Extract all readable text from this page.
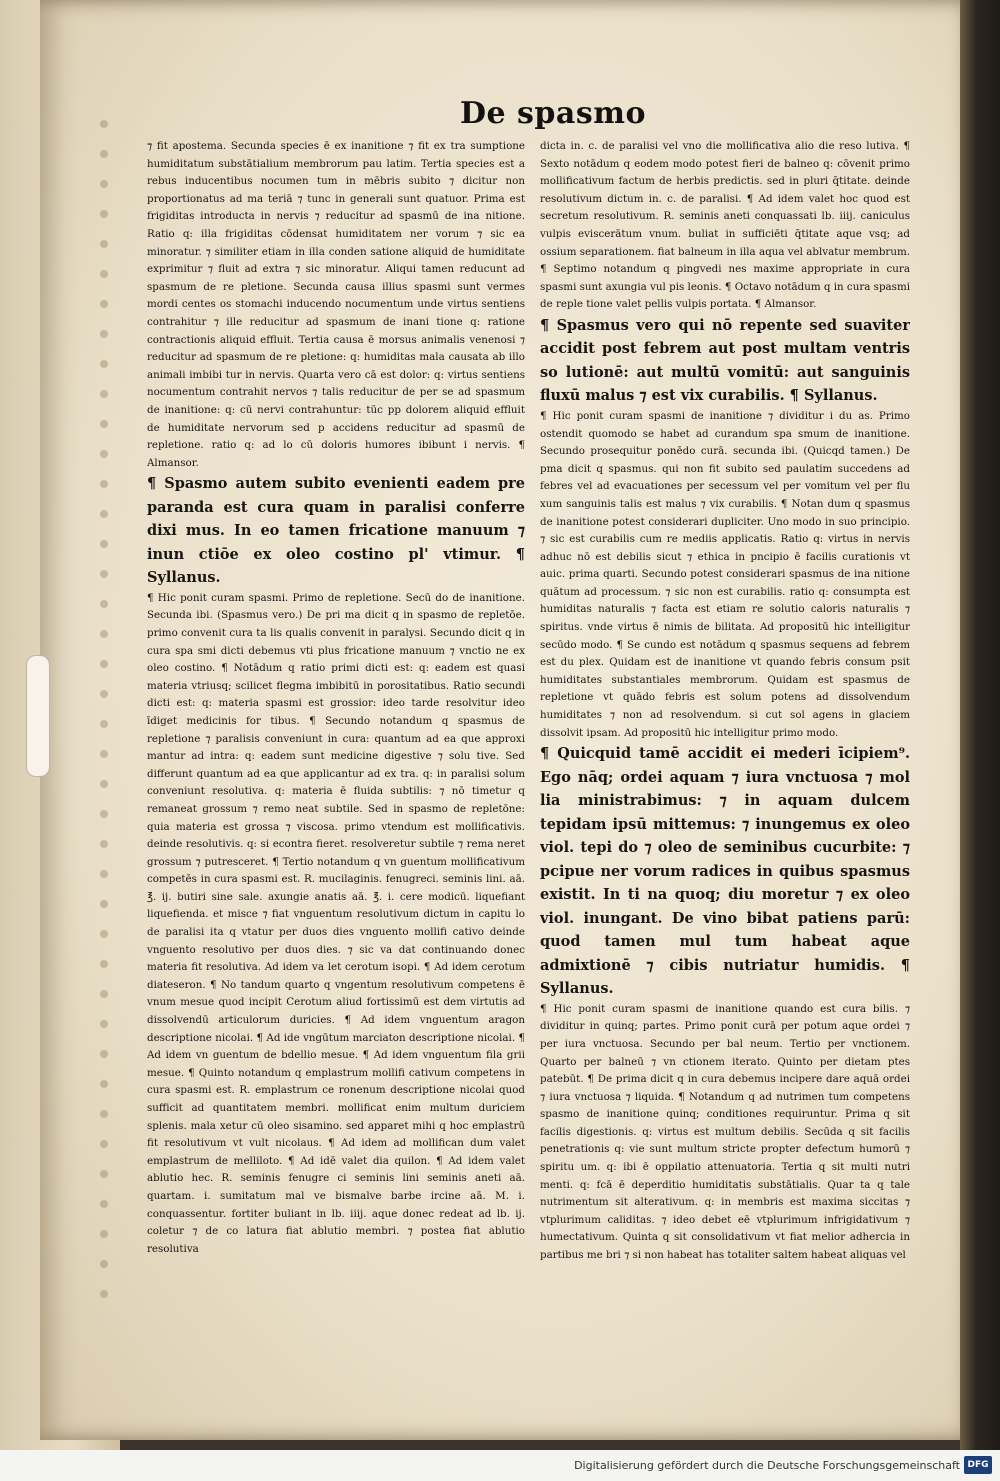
De spasmo

⁊ fit apostema. Secunda species ē ex inanitione ⁊ fit ex tra sumptione humiditatum substātialium membrorum pau latim. Tertia species est a rebus inducentibus nocumen tum in mēbris subito ⁊ dicitur non proportionatus ad ma teriā ⁊ tunc in generali sunt quatuor. Prima est frigiditas introducta in nervis ⁊ reducitur ad spasmū de ina nitione. Ratio q: illa frigiditas cōdensat humiditatem ner vorum ⁊ sic ea minoratur. ⁊ similiter etiam in illa conden satione aliquid de humiditate exprimitur ⁊ fluit ad extra ⁊ sic minoratur. Aliqui tamen reducunt ad spasmum de re pletione. Secunda causa illius spasmi sunt vermes mordi centes os stomachi inducendo nocumentum unde virtus sentiens contrahitur ⁊ ille reducitur ad spasmum de inani tione q: ratione contractionis aliquid effluit. Tertia causa ē morsus animalis venenosi ⁊ reducitur ad spasmum de re pletione: q: humiditas mala causata ab illo animali imbibi tur in nervis. Quarta vero cā est dolor: q: virtus sentiens nocumentum contrahit nervos ⁊ talis reducitur de per se ad spasmum de inanitione: q: cū nervi contrahuntur: tūc pp dolorem aliquid effluit de humiditate nervorum sed p accidens reducitur ad spasmū de repletione. ratio q: ad lo cū doloris humores ibibunt i nervis. ¶ Almansor.

¶ Spasmo autem subito evenienti eadem pre paranda est cura quam in paralisi conferre dixi mus. In eo tamen fricatione manuum ⁊ inun ctiōe ex oleo costino pl' vtimur. ¶ Syllanus.

¶ Hic ponit curam spasmi. Primo de repletione. Secū do de inanitione. Secunda ibi. (Spasmus vero.) De pri ma dicit q in spasmo de repletōe. primo convenit cura ta lis qualis convenit in paralysi. Secundo dicit q in cura spa smi dicti debemus vti plus fricatione manuum ⁊ vnctio ne ex oleo costino. ¶ Notādum q ratio primi dicti est: q: eadem est quasi materia vtriusq; scilicet flegma imbibitū in porositatibus. Ratio secundi dicti est: q: materia spasmi est grossior: ideo tarde resolvitur ideo īdiget medicinis for tibus. ¶ Secundo notandum q spasmus de repletione ⁊ paralisis conveniunt in cura: quantum ad ea que approxi mantur ad intra: q: eadem sunt medicine digestive ⁊ solu tive. Sed differunt quantum ad ea que applicantur ad ex tra. q: in paralisi solum conveniunt resolutiva. q: materia ē fluida subtilis: ⁊ nō timetur q remaneat grossum ⁊ remo neat subtile. Sed in spasmo de repletōne: quia materia est grossa ⁊ viscosa. primo vtendum est mollificativis. deinde resolutivis. q: si econtra fieret. resolveretur subtile ⁊ rema neret grossum ⁊ putresceret. ¶ Tertio notandum q vn guentum mollificativum competēs in cura spasmi est. R. mucilaginis. fenugreci. seminis lini. aā. ℥. ij. butiri sine sale. axungie anatis aā. ℥. i. cere modicū. liquefiant liquefienda. et misce ⁊ fiat vnguentum resolutivum dictum in capitu lo de paralisi ita q vtatur per duos dies vnguento mollifi cativo deinde vnguento resolutivo per duos dies. ⁊ sic va dat continuando donec materia fit resolutiva. Ad idem va let cerotum isopi. ¶ Ad idem cerotum diateseron. ¶ No tandum quarto q vngentum resolutivum competens ē vnum mesue quod incipit Cerotum aliud fortissimū est dem virtutis ad dissolvendū articulorum duricies. ¶ Ad idem vnguentum aragon descriptione nicolai. ¶ Ad ide vngūtum marciaton descriptione nicolai. ¶ Ad idem vn guentum de bdellio mesue. ¶ Ad idem vnguentum fila grii mesue. ¶ Quinto notandum q emplastrum mollifi cativum competens in cura spasmi est. R. emplastrum ce ronenum descriptione nicolai quod sufficit ad quantitatem membri. mollificat enim multum duriciem splenis. mala xetur cū oleo sisamino. sed apparet mihi q hoc emplastrū fit resolutivum vt vult nicolaus. ¶ Ad idem ad mollifican dum valet emplastrum de melliloto. ¶ Ad idē valet dia quilon. ¶ Ad idem valet ablutio hec. R. seminis fenugre ci seminis lini seminis aneti aā. quartam. i. sumitatum mal ve bismalve barbe ircine aā. M. i. conquassentur. fortiter buliant in lb. iiij. aque donec redeat ad lb. ij. coletur ⁊ de co latura fiat ablutio membri. ⁊ postea fiat ablutio resolutiva

dicta in. c. de paralisi vel vno die mollificativa alio die reso lutiva. ¶ Sexto notādum q eodem modo potest fieri de balneo q: cōvenit primo mollificativum factum de herbis predictis. sed in pluri q̄titate. deinde resolutivum dictum in. c. de paralisi. ¶ Ad idem valet hoc quod est secretum resolutivum. R. seminis aneti conquassati lb. iiij. caniculus vulpis eviscerātum vnum. buliat in sufficiēti q̄titate aque vsq; ad ossium separationem. fiat balneum in illa aqua vel ablvatur membrum. ¶ Septimo notandum q pingvedi nes maxime appropriate in cura spasmi sunt axungia vul pis leonis. ¶ Octavo notādum q in cura spasmi de reple tione valet pellis vulpis portata. ¶ Almansor.

¶ Spasmus vero qui nō repente sed suaviter accidit post febrem aut post multam ventris so lutionē: aut multū vomitū: aut sanguinis fluxū malus ⁊ est vix curabilis. ¶ Syllanus.

¶ Hic ponit curam spasmi de inanitione ⁊ dividitur i du as. Primo ostendit quomodo se habet ad curandum spa smum de inanitione. Secundo prosequitur ponēdo curā. secunda ibi. (Quicqd tamen.) De pma dicit q spasmus. qui non fit subito sed paulatim succedens ad febres vel ad evacuationes per secessum vel per vomitum vel per flu xum sanguinis talis est malus ⁊ vix curabilis. ¶ Notan dum q spasmus de inanitione potest considerari dupliciter. Uno modo in suo principio. ⁊ sic est curabilis cum re mediis applicatis. Ratio q: virtus in nervis adhuc nō est debilis sicut ⁊ ethica in pncipio ē facilis curationis vt auic. prima quarti. Secundo potest considerari spasmus de ina nitione quātum ad processum. ⁊ sic non est curabilis. ratio q: consumpta est humiditas naturalis ⁊ facta est etiam re solutio caloris naturalis ⁊ spiritus. vnde virtus ē nimis de bilitata. Ad propositū hic intelligitur secūdo modo. ¶ Se cundo est notādum q spasmus sequens ad febrem est du plex. Quidam est de inanitione vt quando febris consum psit humiditates substantiales membrorum. Quidam est spasmus de repletione vt quādo febris est solum potens ad dissolvendum humiditates ⁊ non ad resolvendum. si cut sol agens in glaciem dissolvit ipsam. Ad propositū hic intelligitur primo modo.

¶ Quicquid tamē accidit ei mederi īcipiem⁹. Ego nāq; ordei aquam ⁊ iura vnctuosa ⁊ mol lia ministrabimus: ⁊ in aquam dulcem tepidam ipsū mittemus: ⁊ inungemus ex oleo viol. tepi do ⁊ oleo de seminibus cucurbite: ⁊ pcipue ner vorum radices in quibus spasmus existit. In ti na quoq; diu moretur ⁊ ex oleo viol. inungant. De vino bibat patiens parū: quod tamen mul tum habeat aque admixtionē ⁊ cibis nutriatur humidis. ¶ Syllanus.

¶ Hic ponit curam spasmi de inanitione quando est cura bilis. ⁊ dividitur in quinq; partes. Primo ponit curā per potum aque ordei ⁊ per iura vnctuosa. Secundo per bal neum. Tertio per vnctionem. Quarto per balneū ⁊ vn ctionem iterato. Quinto per dietam ptes patebūt. ¶ De prima dicit q in cura debemus incipere dare aquā ordei ⁊ iura vnctuosa ⁊ liquida. ¶ Notandum q ad nutrimen tum competens spasmo de inanitione quinq; conditiones requiruntur. Prima q sit facilis digestionis. q: virtus est multum debilis. Secūda q sit facilis penetrationis q: vie sunt multum stricte propter defectum humorū ⁊ spiritu um. q: ibi ē oppilatio attenuatoria. Tertia q sit multi nutri menti. q: fcā ē deperditio humiditatis substātialis. Quar ta q tale nutrimentum sit alterativum. q: in membris est maxima siccitas ⁊ vtplurimum caliditas. ⁊ ideo debet eē vtplurimum infrigidativum ⁊ humectativum. Quinta q sit consolidativum vt fiat melior adhercia in partibus me bri ⁊ si non habeat has totaliter saltem habeat aliquas vel

Digitalisierung gefördert durch die Deutsche Forschungsgemeinschaft DFG
